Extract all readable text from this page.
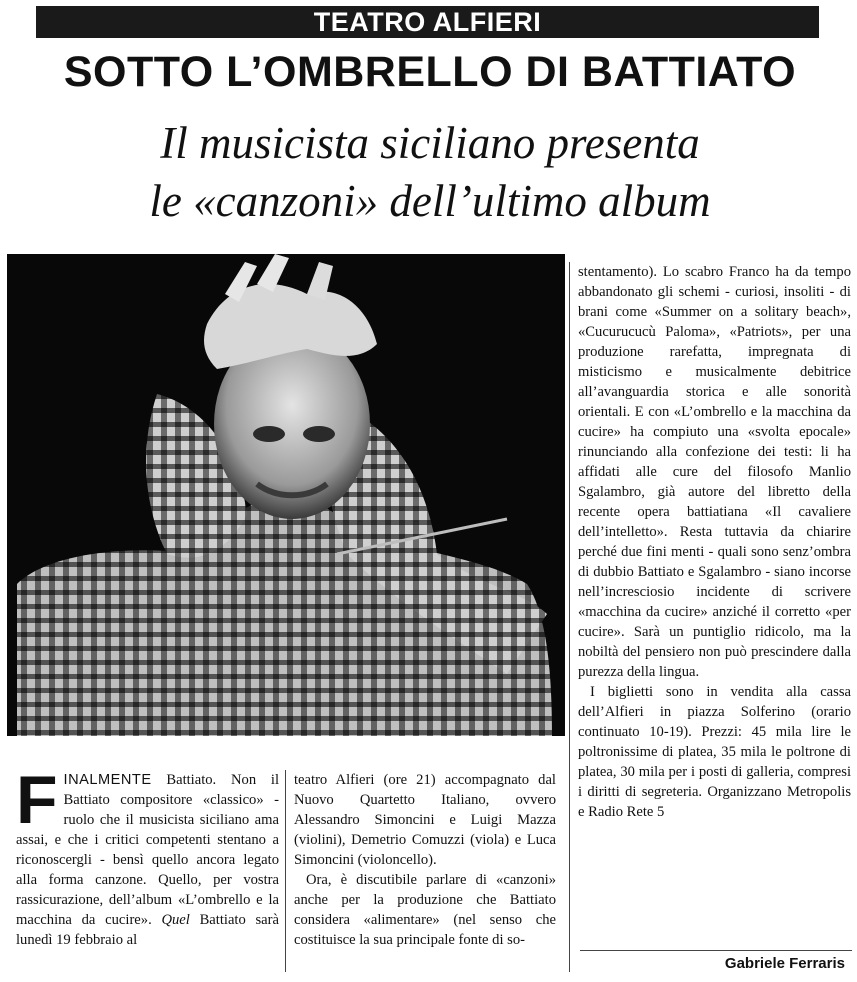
TEATRO ALFIERI
SOTTO L’OMBRELLO DI BATTIATO
Il musicista siciliano presenta
le «canzoni» dell’ultimo album

FINALMENTE Battiato. Non il Battiato compositore «classico» - ruolo che il musicista siciliano ama assai, e che i critici competenti stentano a riconoscergli - bensì quello ancora legato alla forma canzone. Quello, per vostra rassicurazione, dell’album «L’ombrello e la macchina da cucire». Quel Battiato sarà lunedì 19 febbraio al

teatro Alfieri (ore 21) accompagnato dal Nuovo Quartetto Italiano, ovvero Alessandro Simoncini e Luigi Mazza (violini), Demetrio Comuzzi (viola) e Luca Simoncini (violoncello).

Ora, è discutibile parlare di «canzoni» anche per la produzione che Battiato considera «alimentare» (nel senso che costituisce la sua principale fonte di so-

stentamento). Lo scabro Franco ha da tempo abbandonato gli schemi - curiosi, insoliti - di brani come «Summer on a solitary beach», «Cucurucucù Paloma», «Patriots», per una produzione rarefatta, impregnata di misticismo e musicalmente debitrice all’avanguardia storica e alle sonorità orientali. E con «L’ombrello e la macchina da cucire» ha compiuto una «svolta epocale» rinunciando alla confezione dei testi: li ha affidati alle cure del filosofo Manlio Sgalambro, già autore del libretto della recente opera battiatiana «Il cavaliere dell’intelletto». Resta tuttavia da chiarire perché due fini menti - quali sono senz’ombra di dubbio Battiato e Sgalambro - siano incorse nell’incresciosio incidente di scrivere «macchina da cucire» anziché il corretto «per cucire». Sarà un puntiglio ridicolo, ma la nobiltà del pensiero non può prescindere dalla purezza della lingua.

I biglietti sono in vendita alla cassa dell’Alfieri in piazza Solferino (orario continuato 10-19). Prezzi: 45 mila lire le poltronissime di platea, 35 mila le poltrone di platea, 30 mila per i posti di galleria, compresi i diritti di segreteria. Organizzano Metropolis e Radio Rete 5

Gabriele Ferraris
